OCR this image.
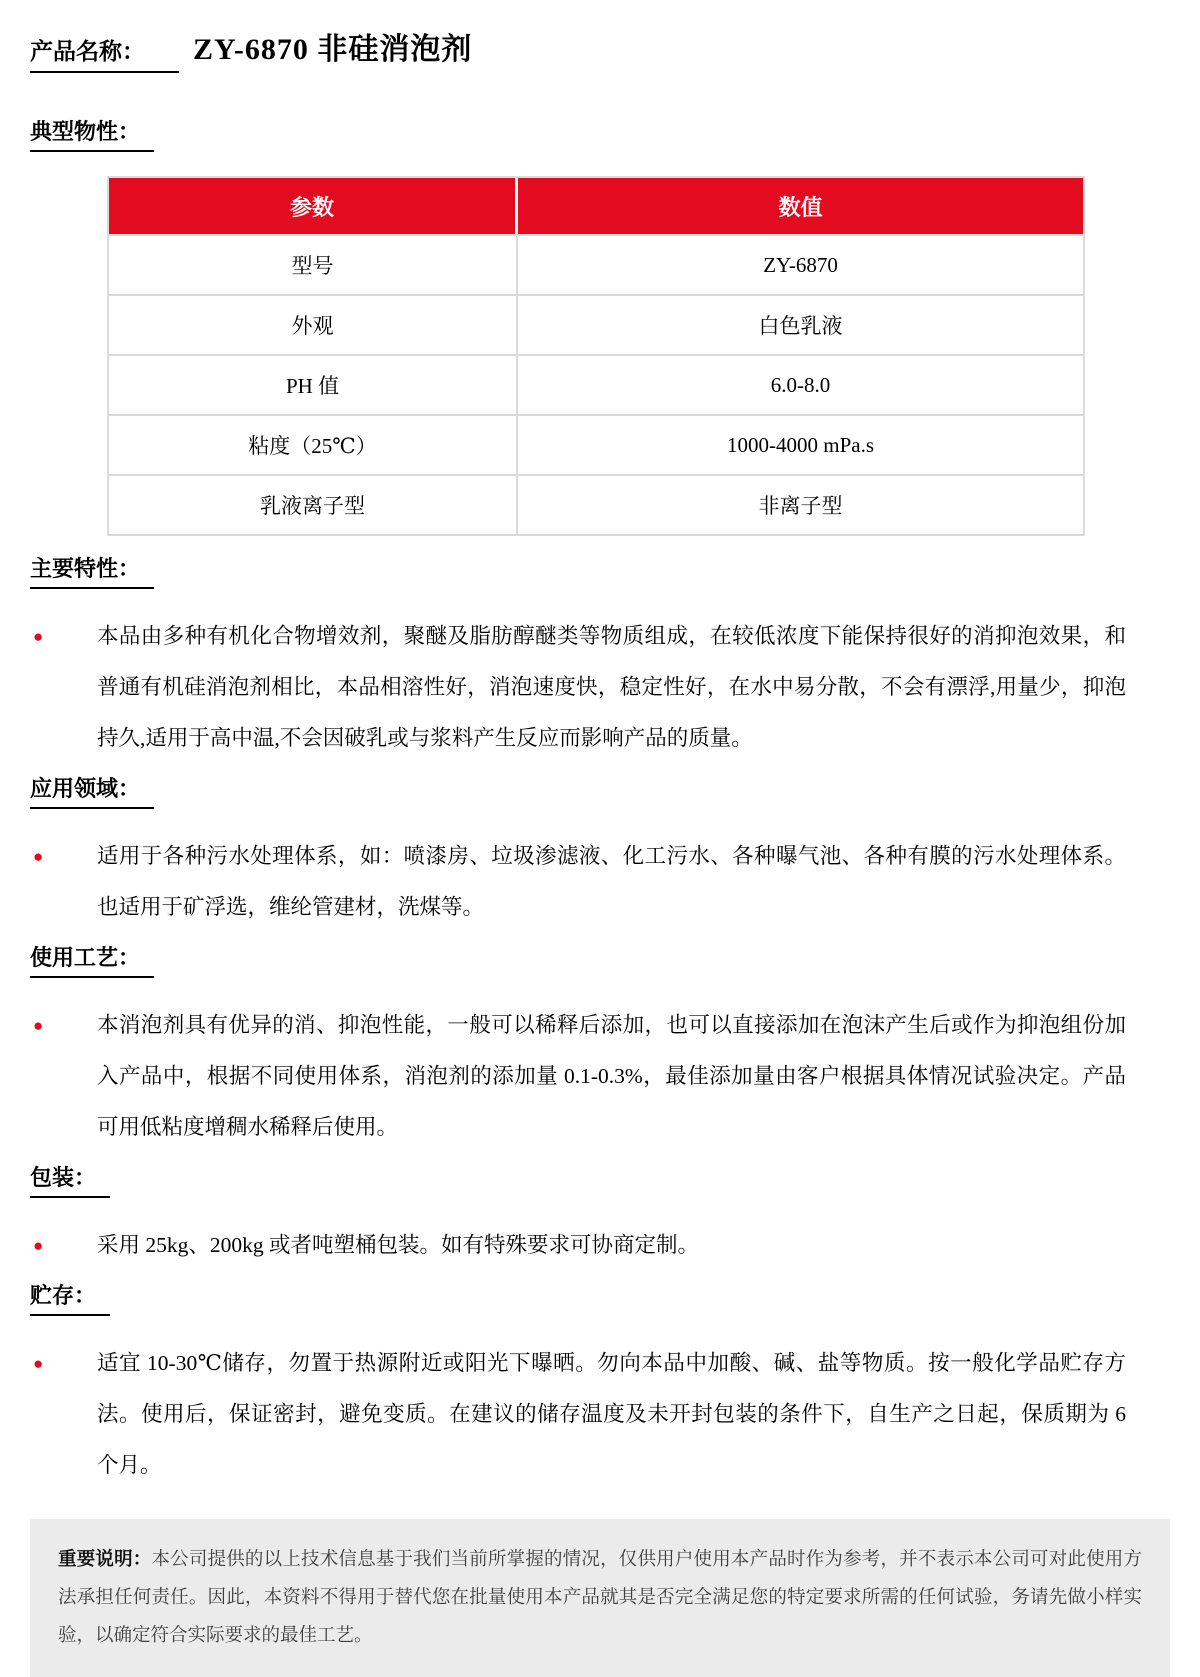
产品名称： ZY-6870 非硅消泡剂
典型物性：
参数	数值
型号	ZY-6870
外观	白色乳液
PH 值	6.0-8.0
粘度（25℃）	1000-4000 mPa.s
乳液离子型	非离子型
主要特性：
●	本品由多种有机化合物增效剂，聚醚及脂肪醇醚类等物质组成，在较低浓度下能保持很好的消抑泡效果，和普通有机硅消泡剂相比，本品相溶性好，消泡速度快，稳定性好，在水中易分散，不会有漂浮,用量少，抑泡持久,适用于高中温,不会因破乳或与浆料产生反应而影响产品的质量。
应用领域：
●	适用于各种污水处理体系，如：喷漆房、垃圾渗滤液、化工污水、各种曝气池、各种有膜的污水处理体系。也适用于矿浮选，维纶管建材，洗煤等。
使用工艺：
●	本消泡剂具有优异的消、抑泡性能，一般可以稀释后添加，也可以直接添加在泡沫产生后或作为抑泡组份加入产品中，根据不同使用体系，消泡剂的添加量 0.1-0.3%，最佳添加量由客户根据具体情况试验决定。产品可用低粘度增稠水稀释后使用。
包装：
●	采用 25kg、200kg 或者吨塑桶包装。如有特殊要求可协商定制。
贮存：
●	适宜 10-30℃储存，勿置于热源附近或阳光下曝晒。勿向本品中加酸、碱、盐等物质。按一般化学品贮存方法。使用后，保证密封，避免变质。在建议的储存温度及未开封包装的条件下，自生产之日起，保质期为 6 个月。
重要说明：本公司提供的以上技术信息基于我们当前所掌握的情况，仅供用户使用本产品时作为参考，并不表示本公司可对此使用方法承担任何责任。因此，本资料不得用于替代您在批量使用本产品就其是否完全满足您的特定要求所需的任何试验，务请先做小样实验，以确定符合实际要求的最佳工艺。
